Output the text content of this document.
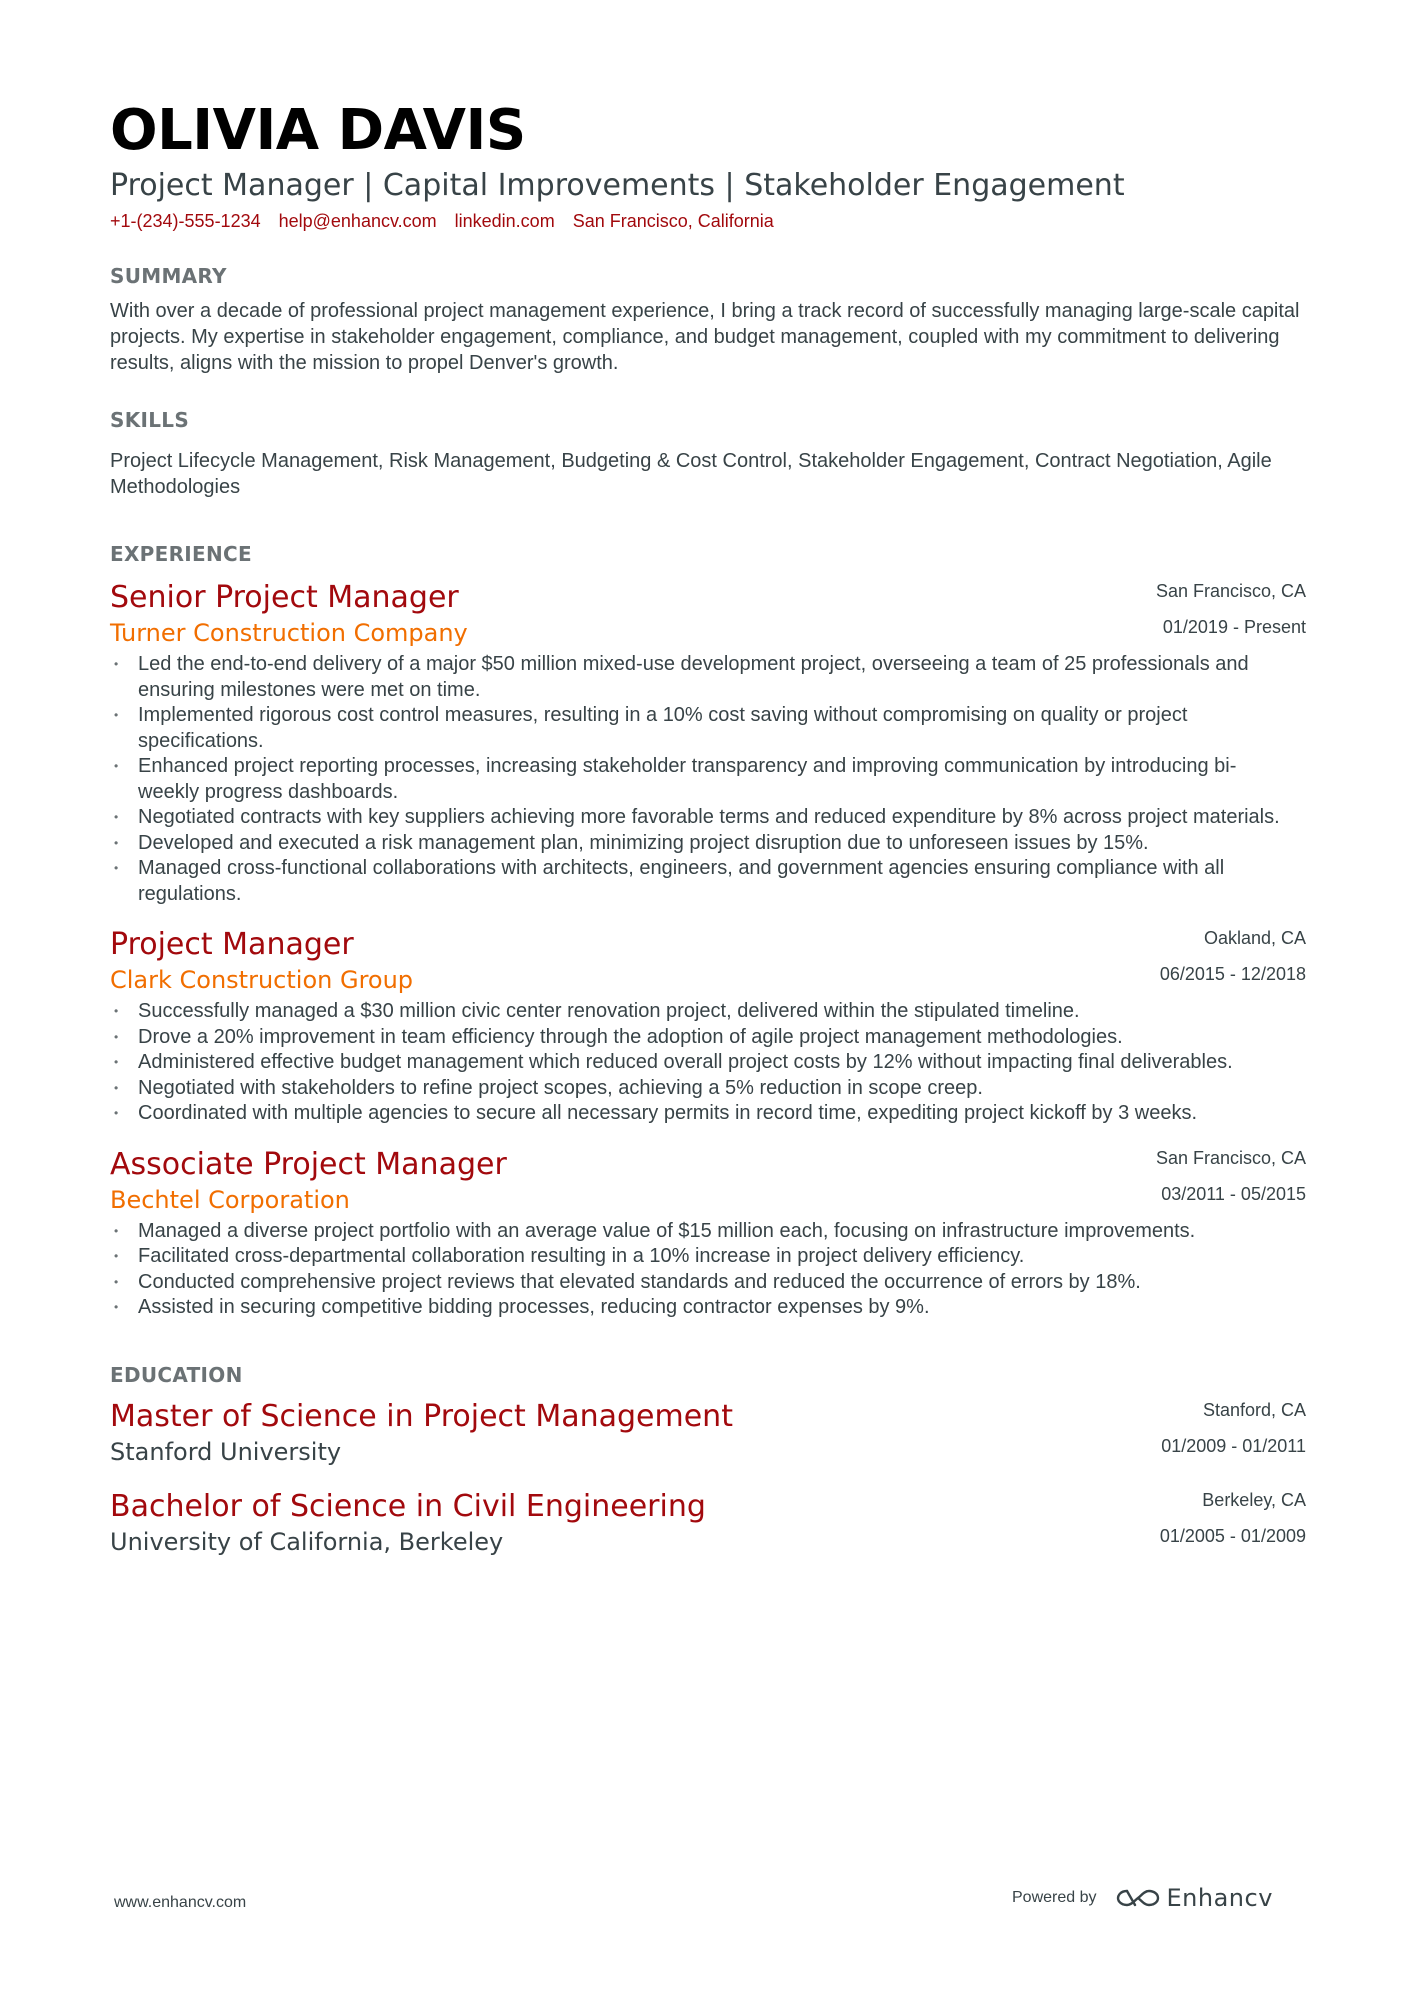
OLIVIA DAVIS
Project Manager | Capital Improvements | Stakeholder Engagement
+1-(234)-555-1234 help@enhancv.com linkedin.com San Francisco, California
SUMMARY
With over a decade of professional project management experience, I bring a track record of successfully managing large-scale capital projects. My expertise in stakeholder engagement, compliance, and budget management, coupled with my commitment to delivering results, aligns with the mission to propel Denver's growth.
SKILLS
Project Lifecycle Management, Risk Management, Budgeting & Cost Control, Stakeholder Engagement, Contract Negotiation, Agile Methodologies
EXPERIENCE
Senior Project Manager
Turner Construction Company
San Francisco, CA
01/2019 - Present
• Led the end-to-end delivery of a major $50 million mixed-use development project, overseeing a team of 25 professionals and ensuring milestones were met on time.
• Implemented rigorous cost control measures, resulting in a 10% cost saving without compromising on quality or project specifications.
• Enhanced project reporting processes, increasing stakeholder transparency and improving communication by introducing bi-weekly progress dashboards.
• Negotiated contracts with key suppliers achieving more favorable terms and reduced expenditure by 8% across project materials.
• Developed and executed a risk management plan, minimizing project disruption due to unforeseen issues by 15%.
• Managed cross-functional collaborations with architects, engineers, and government agencies ensuring compliance with all regulations.
Project Manager
Clark Construction Group
Oakland, CA
06/2015 - 12/2018
• Successfully managed a $30 million civic center renovation project, delivered within the stipulated timeline.
• Drove a 20% improvement in team efficiency through the adoption of agile project management methodologies.
• Administered effective budget management which reduced overall project costs by 12% without impacting final deliverables.
• Negotiated with stakeholders to refine project scopes, achieving a 5% reduction in scope creep.
• Coordinated with multiple agencies to secure all necessary permits in record time, expediting project kickoff by 3 weeks.
Associate Project Manager
Bechtel Corporation
San Francisco, CA
03/2011 - 05/2015
• Managed a diverse project portfolio with an average value of $15 million each, focusing on infrastructure improvements.
• Facilitated cross-departmental collaboration resulting in a 10% increase in project delivery efficiency.
• Conducted comprehensive project reviews that elevated standards and reduced the occurrence of errors by 18%.
• Assisted in securing competitive bidding processes, reducing contractor expenses by 9%.
EDUCATION
Master of Science in Project Management
Stanford University
Stanford, CA
01/2009 - 01/2011
Bachelor of Science in Civil Engineering
University of California, Berkeley
Berkeley, CA
01/2005 - 01/2009
www.enhancv.com	Powered by	Enhancv
